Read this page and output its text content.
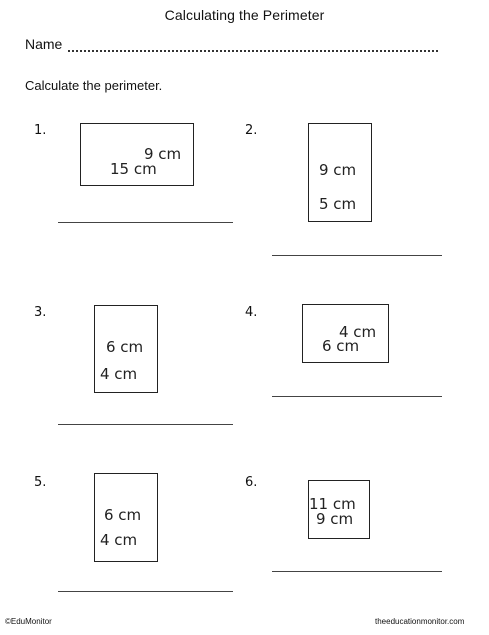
Calculating the Perimeter
Name
Calculate the perimeter.
1.
9 cm
15 cm
2.
9 cm
5 cm
3.
6 cm
4 cm
4.
4 cm
6 cm
5.
6 cm
4 cm
6.
11 cm
9 cm
©EduMonitor	theeducationmonitor.com
